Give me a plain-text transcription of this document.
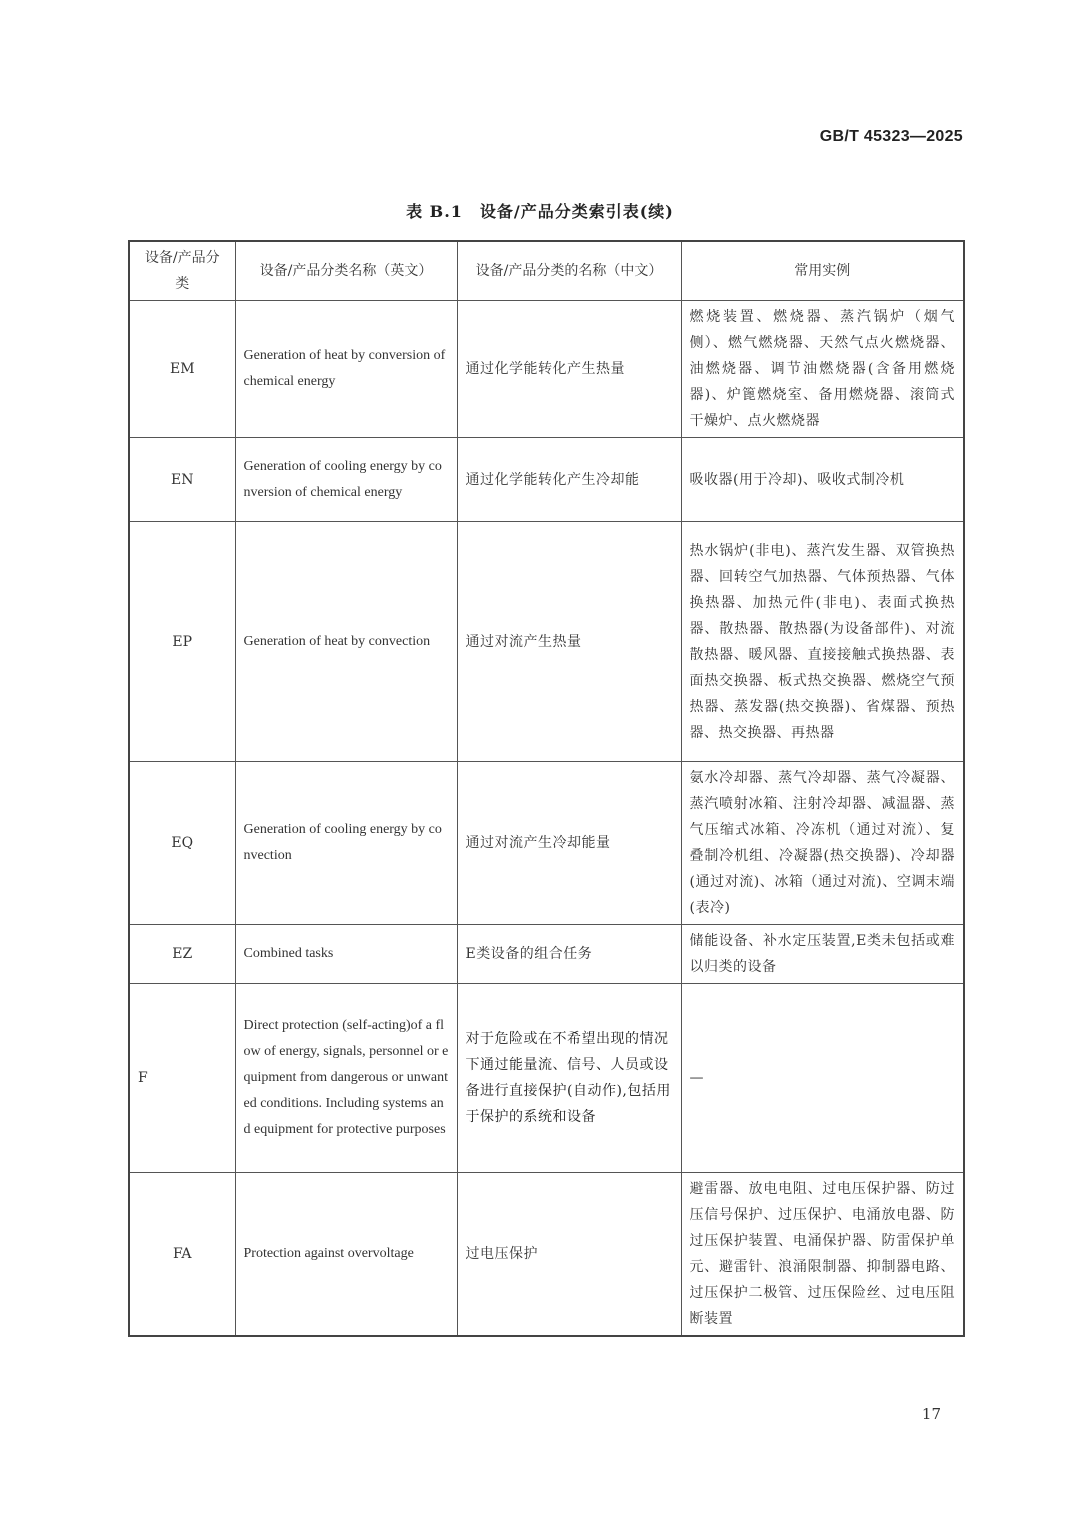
GB/T 45323—2025
表 B.1　设备/产品分类索引表(续)
设备/产品分类	设备/产品分类名称（英文）	设备/产品分类的名称（中文）	常用实例
EM	Generation of heat by conversion of chemical energy	通过化学能转化产生热量	燃烧装置、燃烧器、蒸汽锅炉（烟气侧）、燃气燃烧器、天然气点火燃烧器、油燃烧器、调节油燃烧器(含备用燃烧器)、炉篦燃烧室、备用燃烧器、滚筒式干燥炉、点火燃烧器
EN	Generation of cooling energy by conversion of chemical energy	通过化学能转化产生冷却能	吸收器(用于冷却)、吸收式制冷机
EP	Generation of heat by convection	通过对流产生热量	热水锅炉(非电)、蒸汽发生器、双管换热器、回转空气加热器、气体预热器、气体换热器、加热元件(非电)、表面式换热器、散热器、散热器(为设备部件)、对流散热器、暖风器、直接接触式换热器、表面热交换器、板式热交换器、燃烧空气预热器、蒸发器(热交换器)、省煤器、预热器、热交换器、再热器
EQ	Generation of cooling energy by convection	通过对流产生冷却能量	氨水冷却器、蒸气冷却器、蒸气冷凝器、蒸汽喷射冰箱、注射冷却器、减温器、蒸气压缩式冰箱、冷冻机（通过对流）、复叠制冷机组、冷凝器(热交换器)、冷却器(通过对流)、冰箱（通过对流)、空调末端(表冷)
EZ	Combined tasks	E类设备的组合任务	储能设备、补水定压装置,E类未包括或难以归类的设备
F	Direct protection (self-acting)of a flow of energy, signals, personnel or equipment from dangerous or unwanted conditions. Including systems and equipment for protective purposes	对于危险或在不希望出现的情况下通过能量流、信号、人员或设备进行直接保护(自动作),包括用于保护的系统和设备	—
FA	Protection against overvoltage	过电压保护	避雷器、放电电阻、过电压保护器、防过压信号保护、过压保护、电涌放电器、防过压保护装置、电涌保护器、防雷保护单元、避雷针、浪涌限制器、抑制器电路、过压保护二极管、过压保险丝、过电压阻断装置
17
